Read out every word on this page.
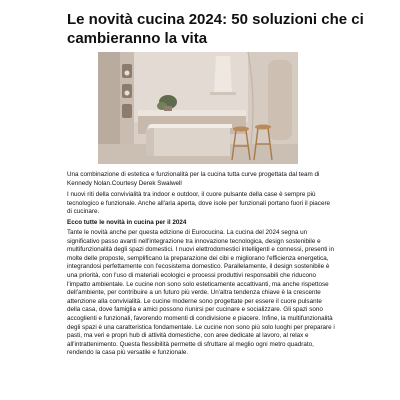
Le novità cucina 2024: 50 soluzioni che ci cambieranno la vita

Una combinazione di estetica e funzionalità per la cucina tutta curve progettata dal team di Kennedy Nolan.Courtesy Derek Swalwell

I nuovi riti della convivialità tra indoor e outdoor, il cuore pulsante della case è sempre più tecnologico e funzionale. Anche all'aria aperta, dove isole per funzionali portano fuori il piacere di cucinare.

Ecco tutte le novità in cucina per il 2024

Tante le novità anche per questa edizione di Eurocucina. La cucina del 2024 segna un significativo passo avanti nell'integrazione tra innovazione tecnologica, design sostenibile e multifunzionalità degli spazi domestici. I nuovi elettrodomestici intelligenti e connessi, presenti in molte delle proposte, semplificano la preparazione dei cibi e migliorano l'efficienza energetica, integrandosi perfettamente con l'ecosistema domestico. Parallelamente, il design sostenibile è una priorità, con l'uso di materiali ecologici e processi produttivi responsabili che riducono l'impatto ambientale. Le cucine non sono solo esteticamente accattivanti, ma anche rispettose dell'ambiente, per contribuire a un futuro più verde. Un'altra tendenza chiave è la crescente attenzione alla convivialità. Le cucine moderne sono progettate per essere il cuore pulsante della casa, dove famiglia e amici possono riunirsi per cucinare e socializzare. Gli spazi sono accoglienti e funzionali, favorendo momenti di condivisione e piacere. Infine, la multifunzionalità degli spazi è una caratteristica fondamentale. Le cucine non sono più solo luoghi per preparare i pasti, ma veri e propri hub di attività domestiche, con aree dedicate al lavoro, al relax e all'intrattenimento. Questa flessibilità permette di sfruttare al meglio ogni metro quadrato, rendendo la casa più versatile e funzionale.
